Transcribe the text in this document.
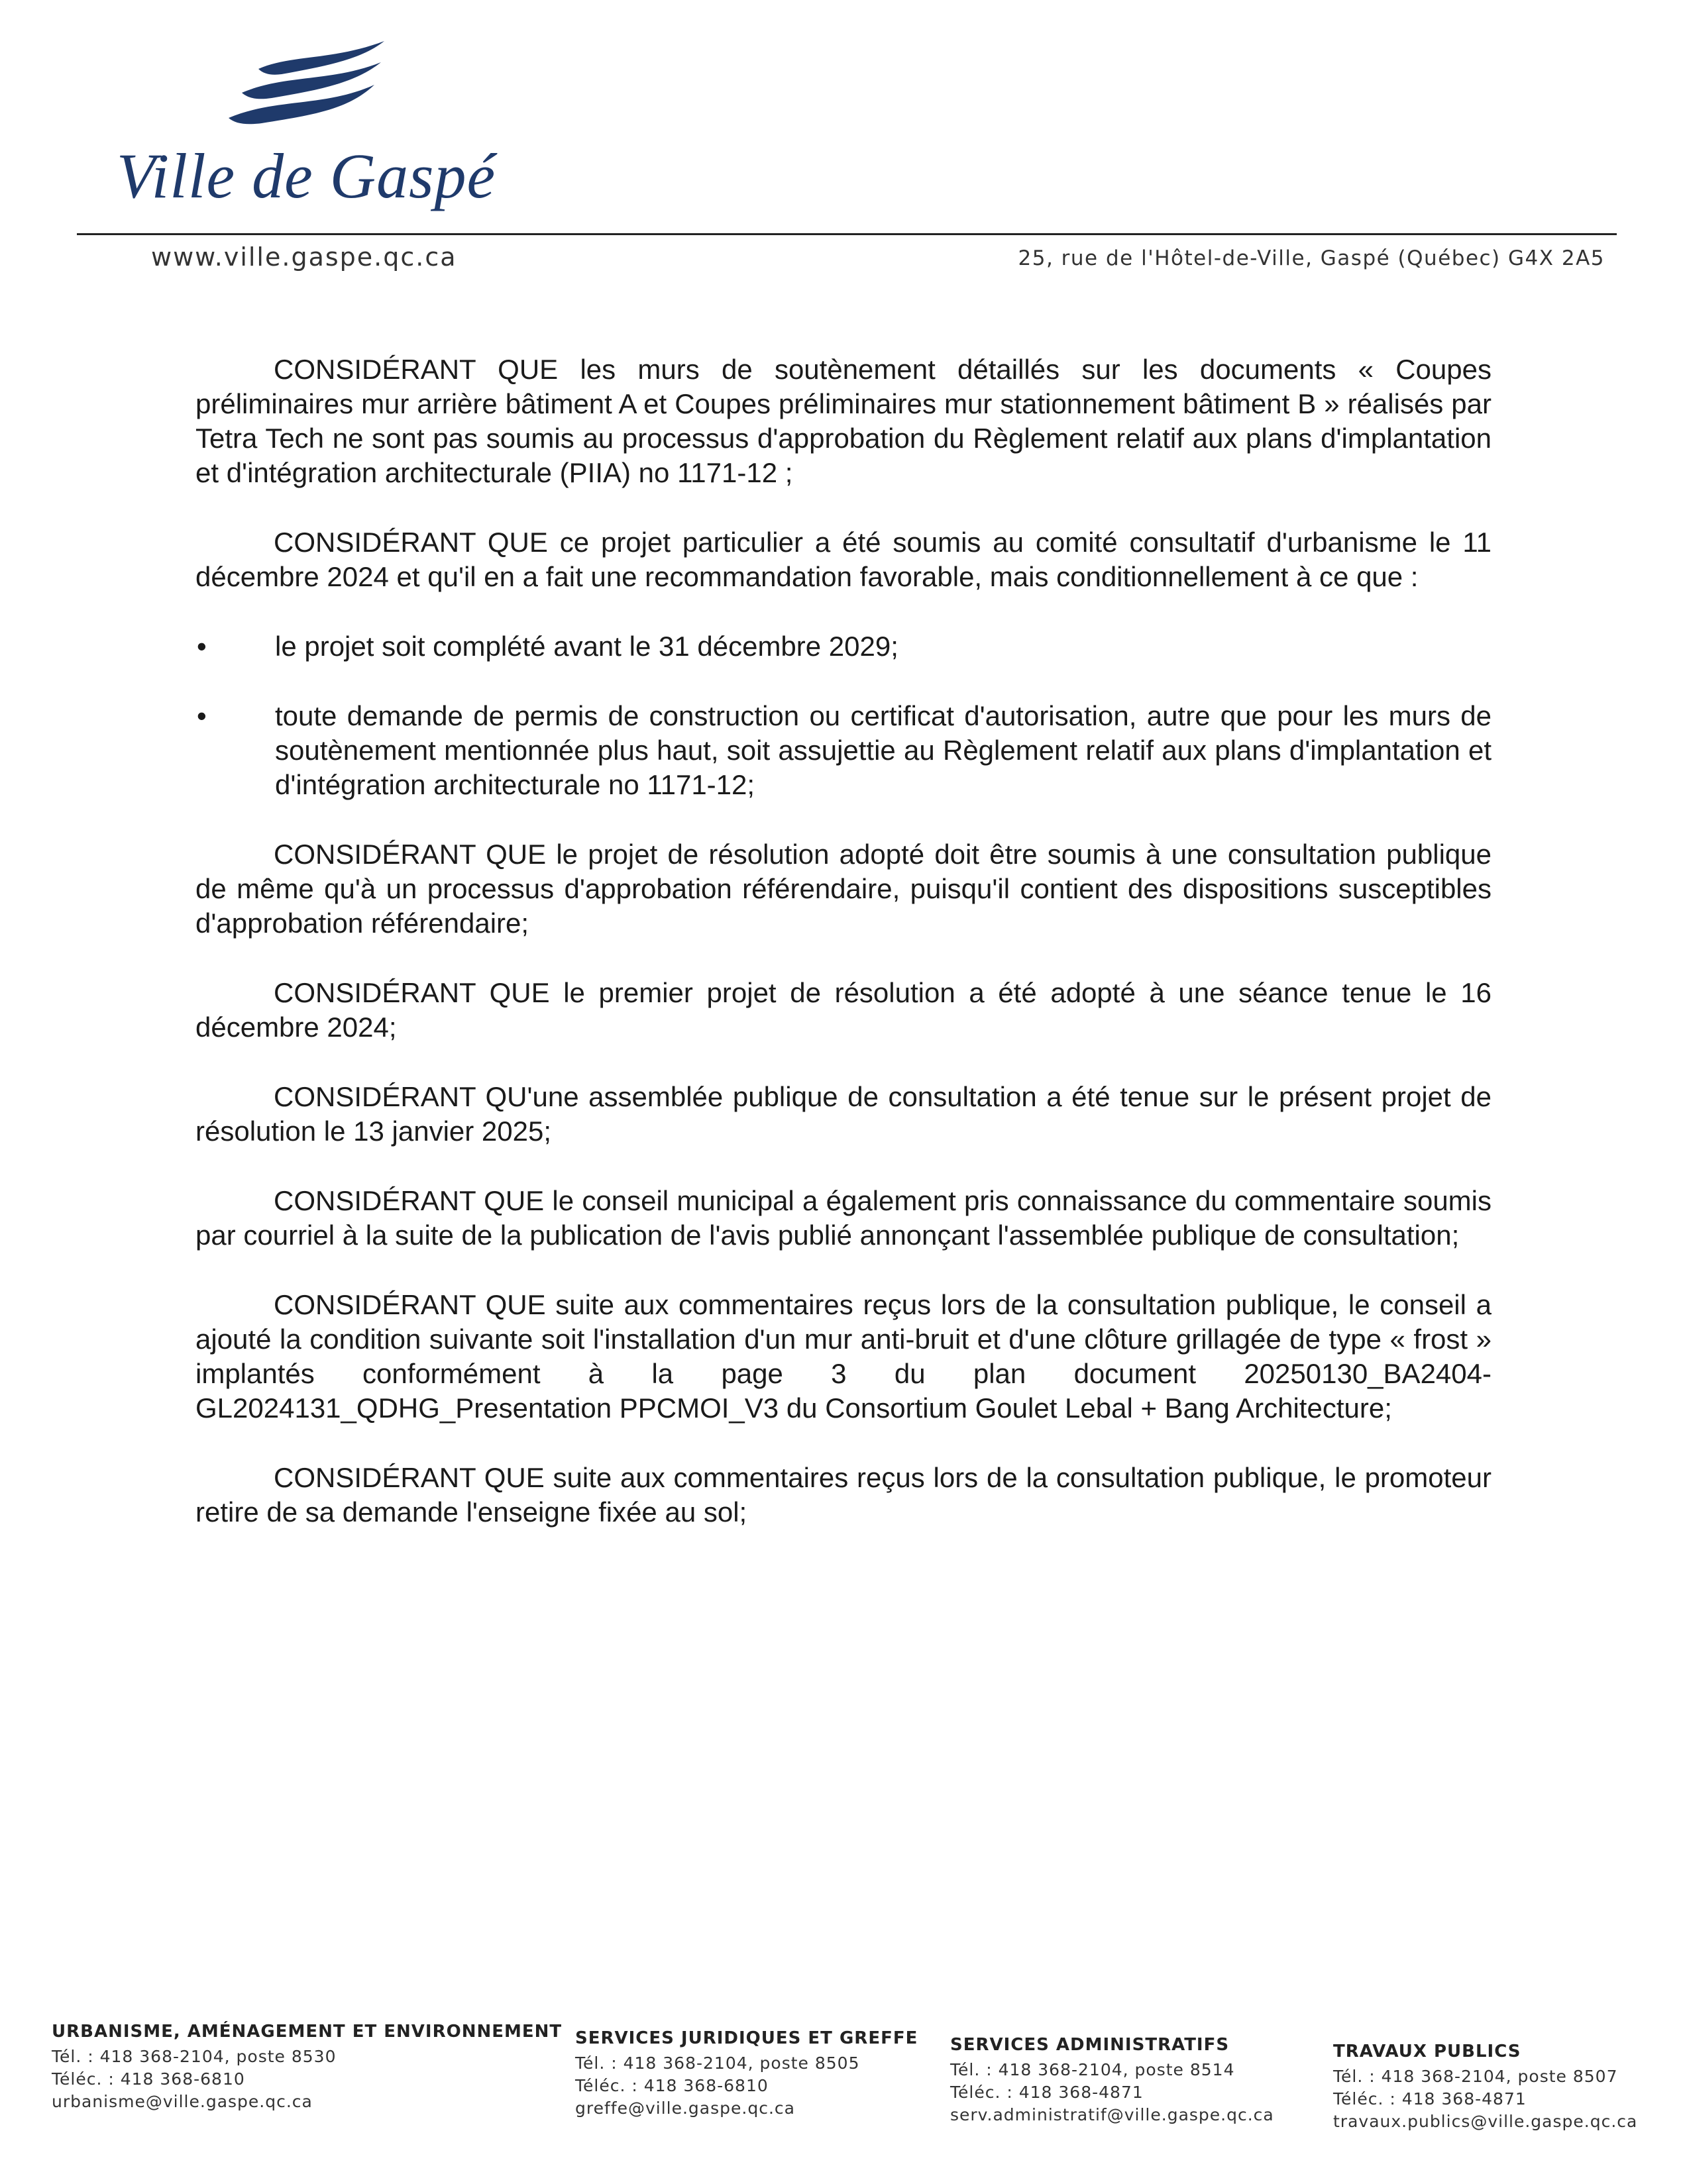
Ville de Gaspé
www.ville.gaspe.qc.ca	25, rue de l'Hôtel-de-Ville, Gaspé (Québec) G4X 2A5

CONSIDÉRANT QUE les murs de soutènement détaillés sur les documents « Coupes préliminaires mur arrière bâtiment A et Coupes préliminaires mur stationnement bâtiment B » réalisés par Tetra Tech ne sont pas soumis au processus d'approbation du Règlement relatif aux plans d'implantation et d'intégration architecturale (PIIA) no 1171-12 ;

CONSIDÉRANT QUE ce projet particulier a été soumis au comité consultatif d'urbanisme le 11 décembre 2024 et qu'il en a fait une recommandation favorable, mais conditionnellement à ce que :

• le projet soit complété avant le 31 décembre 2029;
• toute demande de permis de construction ou certificat d'autorisation, autre que pour les murs de soutènement mentionnée plus haut, soit assujettie au Règlement relatif aux plans d'implantation et d'intégration architecturale no 1171-12;

CONSIDÉRANT QUE le projet de résolution adopté doit être soumis à une consultation publique de même qu'à un processus d'approbation référendaire, puisqu'il contient des dispositions susceptibles d'approbation référendaire;

CONSIDÉRANT QUE le premier projet de résolution a été adopté à une séance tenue le 16 décembre 2024;

CONSIDÉRANT QU'une assemblée publique de consultation a été tenue sur le présent projet de résolution le 13 janvier 2025;

CONSIDÉRANT QUE le conseil municipal a également pris connaissance du commentaire soumis par courriel à la suite de la publication de l'avis publié annonçant l'assemblée publique de consultation;

CONSIDÉRANT QUE suite aux commentaires reçus lors de la consultation publique, le conseil a ajouté la condition suivante soit l'installation d'un mur anti-bruit et d'une clôture grillagée de type « frost » implantés conformément à la page 3 du plan document 20250130_BA2404-GL2024131_QDHG_Presentation PPCMOI_V3 du Consortium Goulet Lebal + Bang Architecture;

CONSIDÉRANT QUE suite aux commentaires reçus lors de la consultation publique, le promoteur retire de sa demande l'enseigne fixée au sol;

URBANISME, AMÉNAGEMENT ET ENVIRONNEMENT
Tél. : 418 368-2104, poste 8530
Téléc. : 418 368-6810
urbanisme@ville.gaspe.qc.ca
SERVICES JURIDIQUES ET GREFFE
Tél. : 418 368-2104, poste 8505
Téléc. : 418 368-6810
greffe@ville.gaspe.qc.ca
SERVICES ADMINISTRATIFS
Tél. : 418 368-2104, poste 8514
Téléc. : 418 368-4871
serv.administratif@ville.gaspe.qc.ca
TRAVAUX PUBLICS
Tél. : 418 368-2104, poste 8507
Téléc. : 418 368-4871
travaux.publics@ville.gaspe.qc.ca
